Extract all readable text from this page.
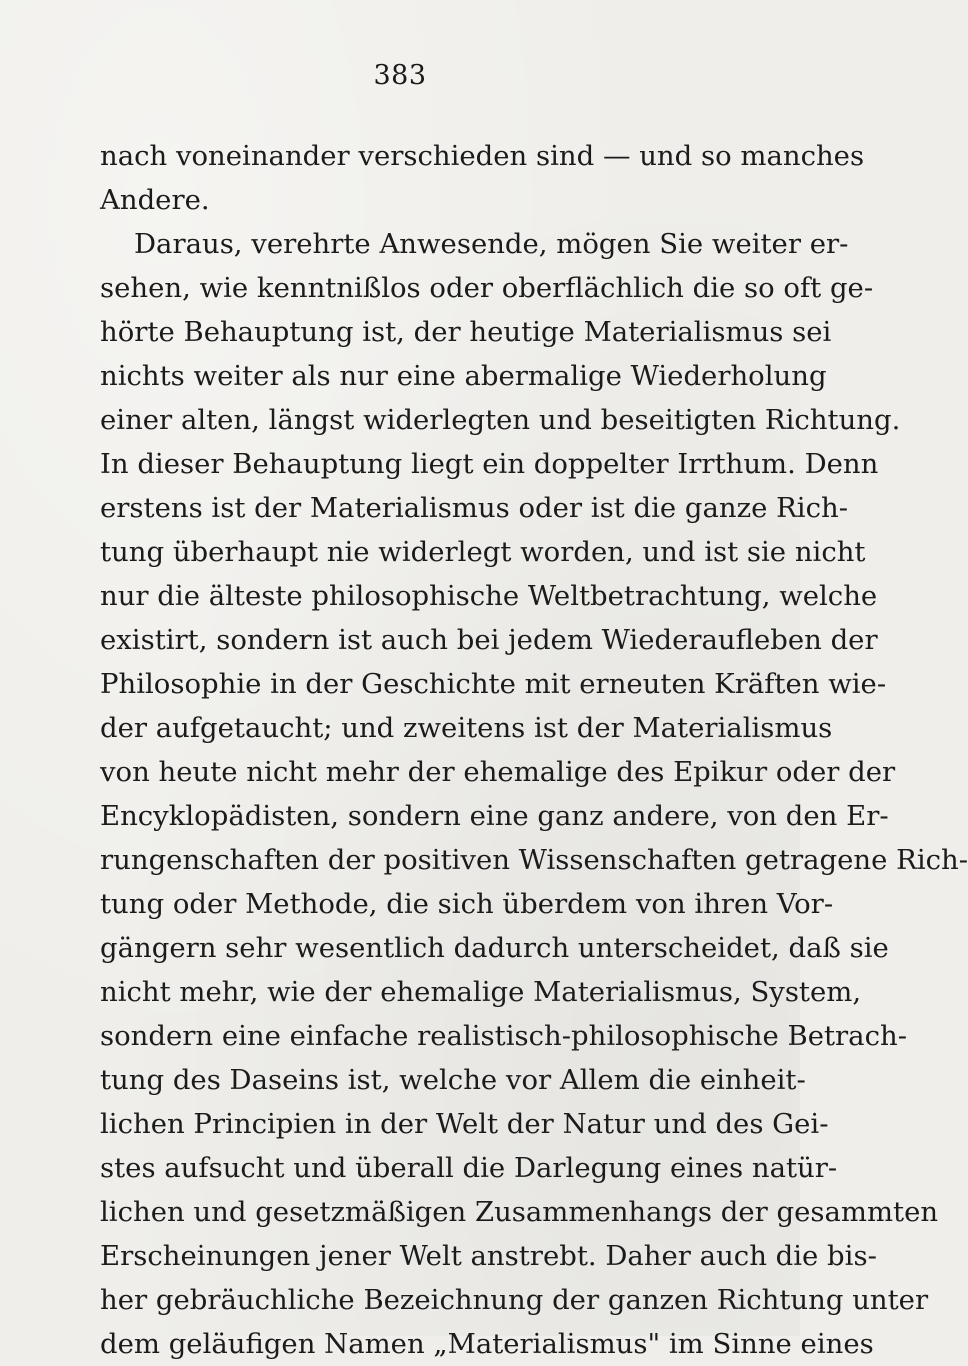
383
nach voneinander verschieden sind — und so manches
Andere.
Daraus, verehrte Anwesende, mögen Sie weiter er-
sehen, wie kenntnißlos oder oberflächlich die so oft ge-
hörte Behauptung ist, der heutige Materialismus sei
nichts weiter als nur eine abermalige Wiederholung
einer alten, längst widerlegten und beseitigten Richtung.
In dieser Behauptung liegt ein doppelter Irrthum. Denn
erstens ist der Materialismus oder ist die ganze Rich-
tung überhaupt nie widerlegt worden, und ist sie nicht
nur die älteste philosophische Weltbetrachtung, welche
existirt, sondern ist auch bei jedem Wiederaufleben der
Philosophie in der Geschichte mit erneuten Kräften wie-
der aufgetaucht; und zweitens ist der Materialismus
von heute nicht mehr der ehemalige des Epikur oder der
Encyklopädisten, sondern eine ganz andere, von den Er-
rungenschaften der positiven Wissenschaften getragene Rich-
tung oder Methode, die sich überdem von ihren Vor-
gängern sehr wesentlich dadurch unterscheidet, daß sie
nicht mehr, wie der ehemalige Materialismus, System,
sondern eine einfache realistisch-philosophische Betrach-
tung des Daseins ist, welche vor Allem die einheit-
lichen Principien in der Welt der Natur und des Gei-
stes aufsucht und überall die Darlegung eines natür-
lichen und gesetzmäßigen Zusammenhangs der gesammten
Erscheinungen jener Welt anstrebt. Daher auch die bis-
her gebräuchliche Bezeichnung der ganzen Richtung unter
dem geläufigen Namen „Materialismus" im Sinne eines
